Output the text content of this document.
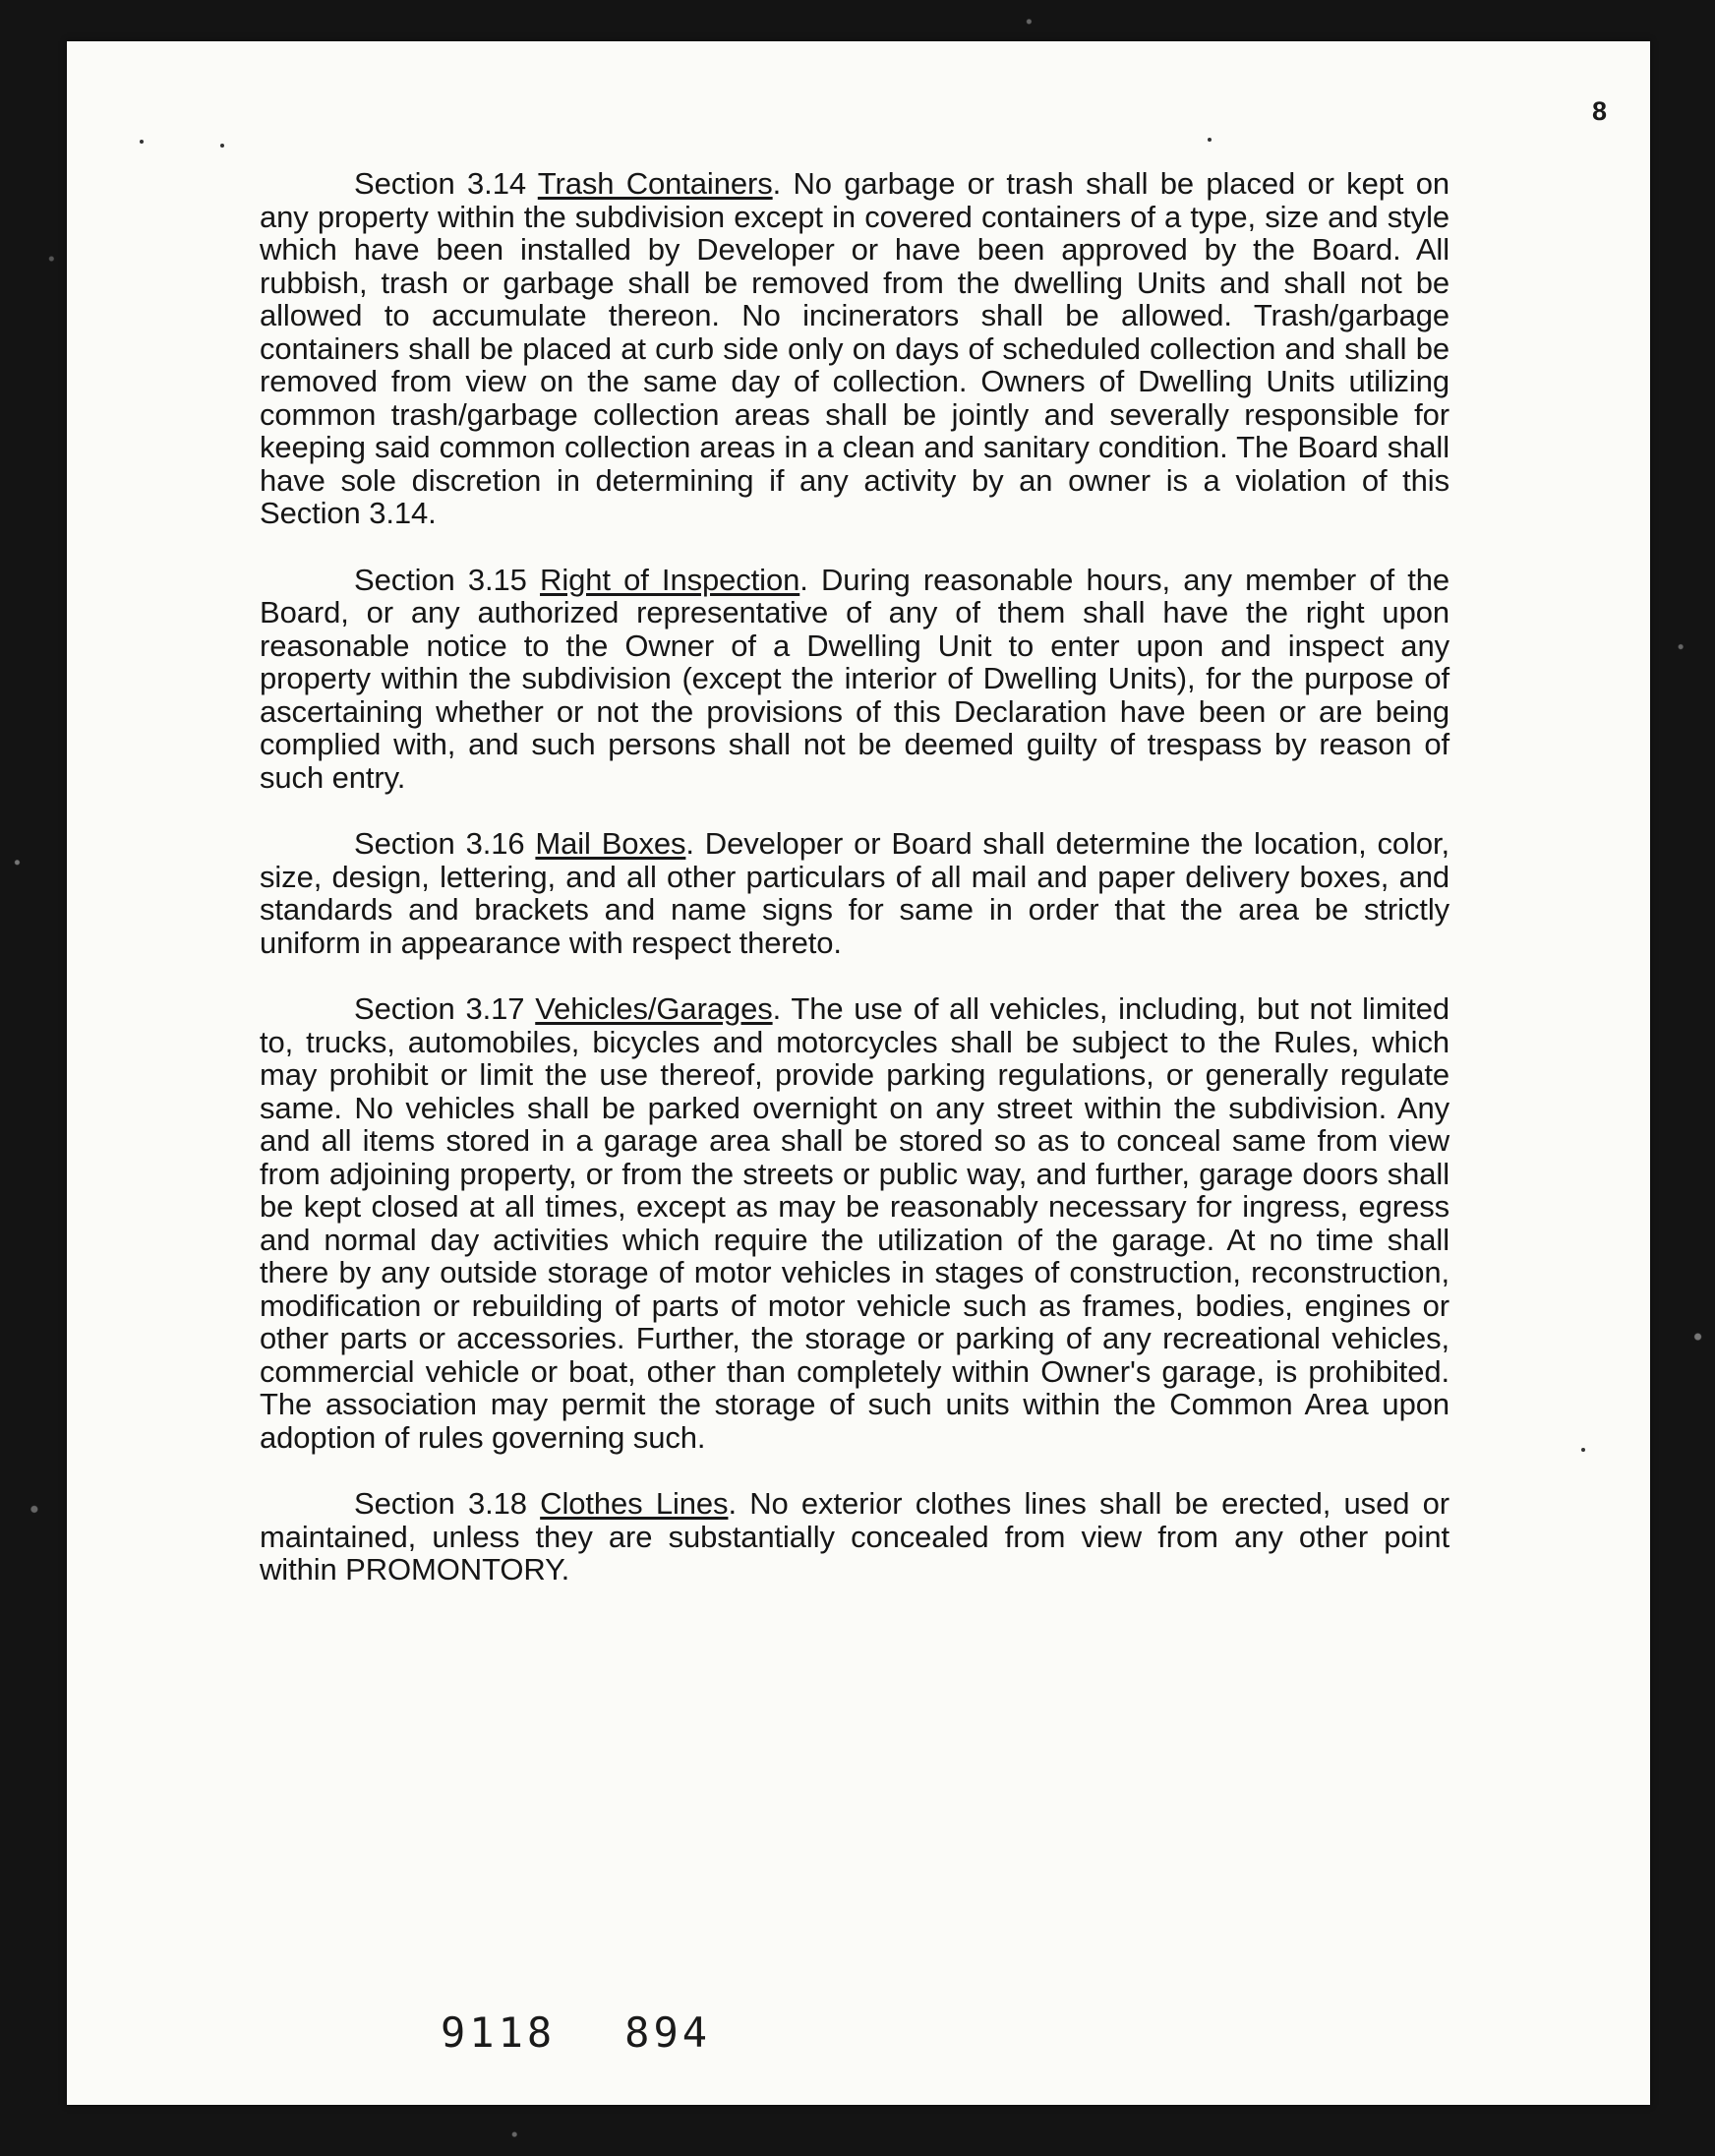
8

Section 3.14 Trash Containers. No garbage or trash shall be placed or kept on any property within the subdivision except in covered containers of a type, size and style which have been installed by Developer or have been approved by the Board. All rubbish, trash or garbage shall be removed from the dwelling Units and shall not be allowed to accumulate thereon. No incinerators shall be allowed. Trash/garbage containers shall be placed at curb side only on days of scheduled collection and shall be removed from view on the same day of collection. Owners of Dwelling Units utilizing common trash/garbage collection areas shall be jointly and severally responsible for keeping said common collection areas in a clean and sanitary condition. The Board shall have sole discretion in determining if any activity by an owner is a violation of this Section 3.14.

Section 3.15 Right of Inspection. During reasonable hours, any member of the Board, or any authorized representative of any of them shall have the right upon reasonable notice to the Owner of a Dwelling Unit to enter upon and inspect any property within the subdivision (except the interior of Dwelling Units), for the purpose of ascertaining whether or not the provisions of this Declaration have been or are being complied with, and such persons shall not be deemed guilty of trespass by reason of such entry.

Section 3.16 Mail Boxes. Developer or Board shall determine the location, color, size, design, lettering, and all other particulars of all mail and paper delivery boxes, and standards and brackets and name signs for same in order that the area be strictly uniform in appearance with respect thereto.

Section 3.17 Vehicles/Garages. The use of all vehicles, including, but not limited to, trucks, automobiles, bicycles and motorcycles shall be subject to the Rules, which may prohibit or limit the use thereof, provide parking regulations, or generally regulate same. No vehicles shall be parked overnight on any street within the subdivision. Any and all items stored in a garage area shall be stored so as to conceal same from view from adjoining property, or from the streets or public way, and further, garage doors shall be kept closed at all times, except as may be reasonably necessary for ingress, egress and normal day activities which require the utilization of the garage. At no time shall there by any outside storage of motor vehicles in stages of construction, reconstruction, modification or rebuilding of parts of motor vehicle such as frames, bodies, engines or other parts or accessories. Further, the storage or parking of any recreational vehicles, commercial vehicle or boat, other than completely within Owner's garage, is prohibited. The association may permit the storage of such units within the Common Area upon adoption of rules governing such.

Section 3.18 Clothes Lines. No exterior clothes lines shall be erected, used or maintained, unless they are substantially concealed from view from any other point within PROMONTORY.

9118 894
